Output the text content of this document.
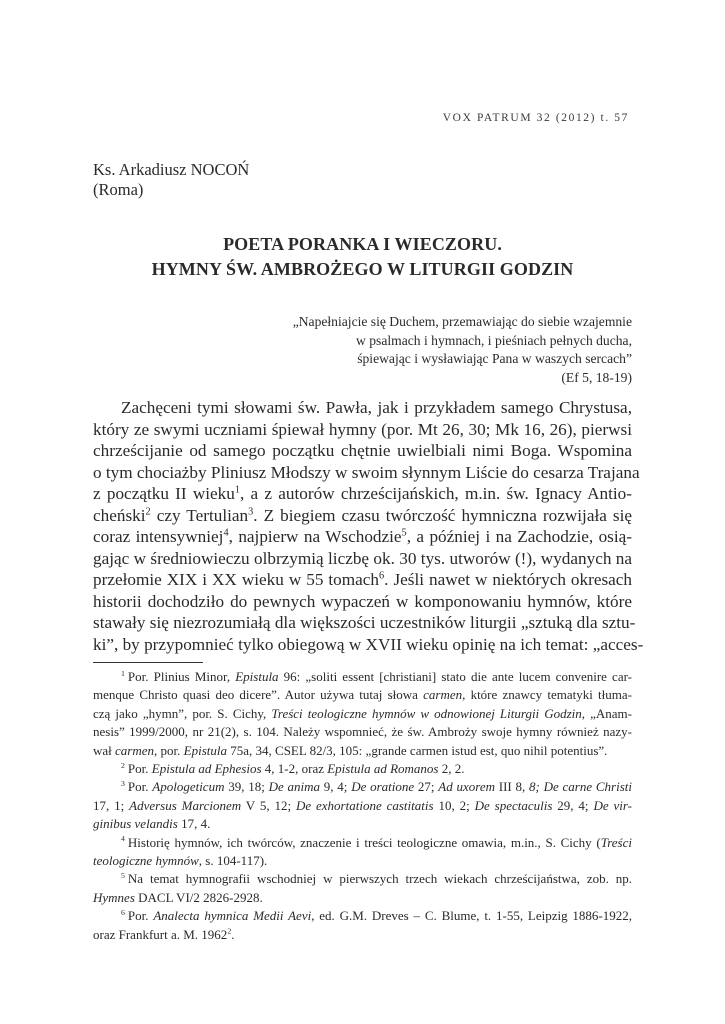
VOX PATRUM 32 (2012) t. 57
Ks. Arkadiusz NOCOŃ
(Roma)
POETA PORANKA I WIECZORU.
HYMNY ŚW. AMBROŻEGO W LITURGII GODZIN
„Napełniajcie się Duchem, przemawiając do siebie wzajemnie
w psalmach i hymnach, i pieśniach pełnych ducha,
śpiewając i wysławiając Pana w waszych sercach”
(Ef 5, 18-19)
Zachęceni tymi słowami św. Pawła, jak i przykładem samego Chrystusa,
który ze swymi uczniami śpiewał hymny (por. Mt 26, 30; Mk 16, 26), pierwsi
chrześcijanie od samego początku chętnie uwielbiali nimi Boga. Wspomina
o tym chociażby Pliniusz Młodszy w swoim słynnym Liście do cesarza Trajana
z początku II wieku$^1$, a z autorów chrześcijańskich, m.in. św. Ignacy Antio-
cheński$^2$ czy Tertulian$^3$. Z biegiem czasu twórczość hymniczna rozwijała się
coraz intensywniej$^4$, najpierw na Wschodzie$^5$, a później i na Zachodzie, osią-
gając w średniowieczu olbrzymią liczbę ok. 30 tys. utworów (!), wydanych na
przełomie XIX i XX wieku w 55 tomach$^6$. Jeśli nawet w niektórych okresach
historii dochodziło do pewnych wypaczeń w komponowaniu hymnów, które
stawały się niezrozumiałą dla większości uczestników liturgii „sztuką dla sztu-
ki”, by przypomnieć tylko obiegową w XVII wieku opinię na ich temat: „acces-
$^1$ Por. Plinius Minor, Epistula 96: „soliti essent [christiani] stato die ante lucem convenire car-
menque Christo quasi deo dicere”. Autor używa tutaj słowa carmen, które znawcy tematyki tłuma-
czą jako „hymn”, por. S. Cichy, Treści teologiczne hymnów w odnowionej Liturgii Godzin, „Anam-
nesis” 1999/2000, nr 21(2), s. 104. Należy wspomnieć, że św. Ambroży swoje hymny również nazy-
wał carmen, por. Epistula 75a, 34, CSEL 82/3, 105: „grande carmen istud est, quo nihil potentius”.
$^2$ Por. Epistula ad Ephesios 4, 1-2, oraz Epistula ad Romanos 2, 2.
$^3$ Por. Apologeticum 39, 18; De anima 9, 4; De oratione 27; Ad uxorem III 8, 8; De carne Christi
17, 1; Adversus Marcionem V 5, 12; De exhortatione castitatis 10, 2; De spectaculis 29, 4; De vir-
ginibus velandis 17, 4.
$^4$ Historię hymnów, ich twórców, znaczenie i treści teologiczne omawia, m.in., S. Cichy (Treści
teologiczne hymnów, s. 104-117).
$^5$ Na temat hymnografii wschodniej w pierwszych trzech wiekach chrześcijaństwa, zob. np.
Hymnes DACL VI/2 2826-2928.
$^6$ Por. Analecta hymnica Medii Aevi, ed. G.M. Dreves – C. Blume, t. 1-55, Leipzig 1886-1922,
oraz Frankfurt a. M. 1962$^2$.
